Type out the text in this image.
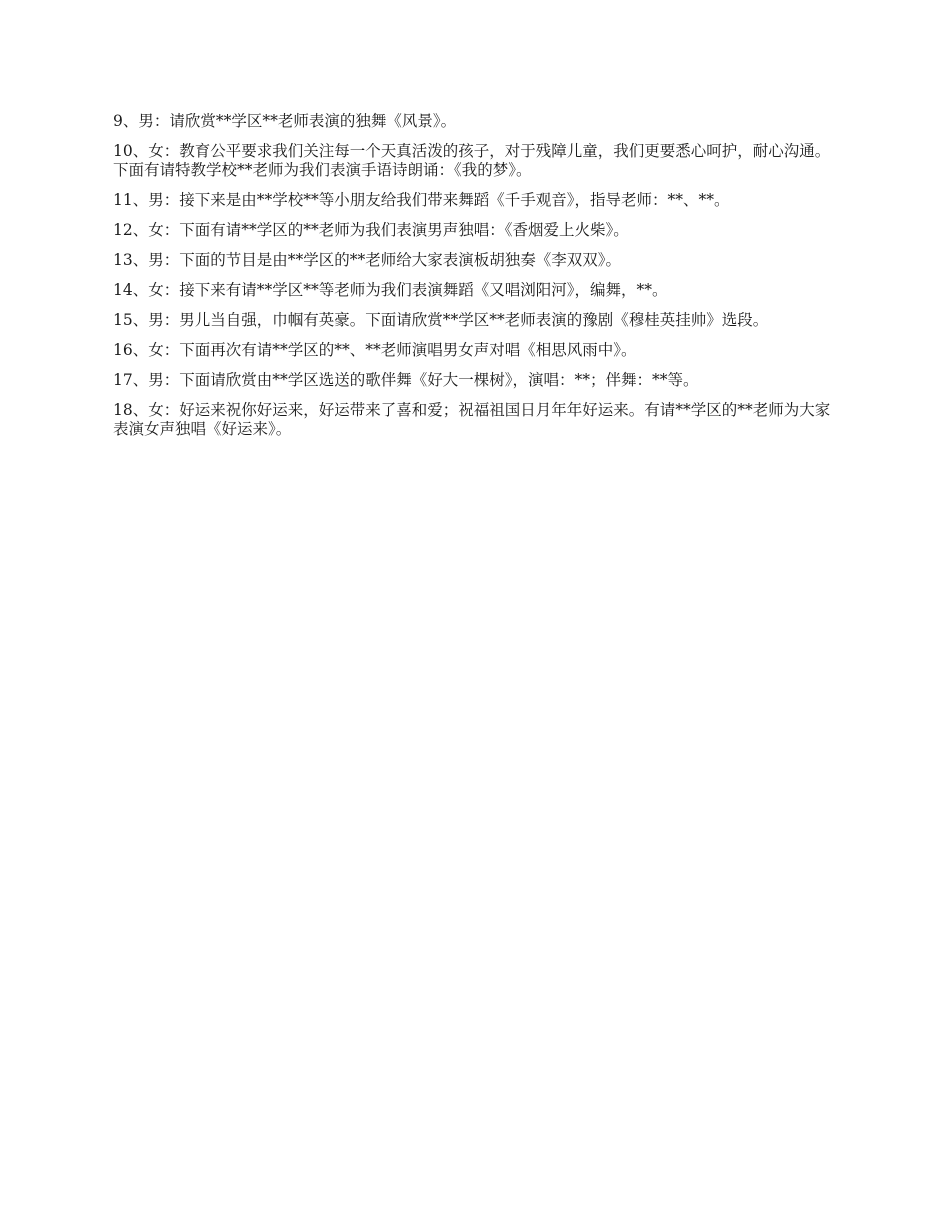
9、男：请欣赏**学区**老师表演的独舞《风景》。

10、女：教育公平要求我们关注每一个天真活泼的孩子，对于残障儿童，我们更要悉心呵护，耐心沟通。下面有请特教学校**老师为我们表演手语诗朗诵：《我的梦》。

11、男：接下来是由**学校**等小朋友给我们带来舞蹈《千手观音》，指导老师：**、**。

12、女：下面有请**学区的**老师为我们表演男声独唱：《香烟爱上火柴》。

13、男：下面的节目是由**学区的**老师给大家表演板胡独奏《李双双》。

14、女：接下来有请**学区**等老师为我们表演舞蹈《又唱浏阳河》，编舞，**。

15、男：男儿当自强，巾帼有英豪。下面请欣赏**学区**老师表演的豫剧《穆桂英挂帅》选段。

16、女：下面再次有请**学区的**、**老师演唱男女声对唱《相思风雨中》。

17、男：下面请欣赏由**学区选送的歌伴舞《好大一棵树》，演唱：**；伴舞：**等。

18、女：好运来祝你好运来，好运带来了喜和爱；祝福祖国日月年年好运来。有请**学区的**老师为大家表演女声独唱《好运来》。
